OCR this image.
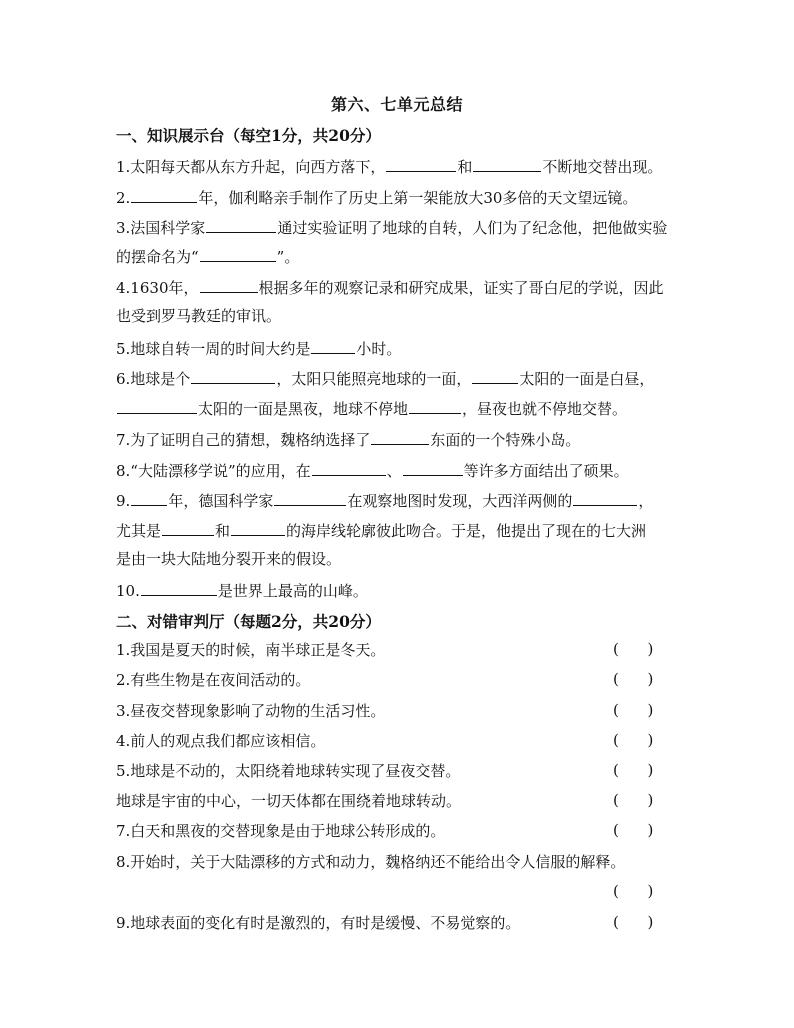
第六、七单元总结
一、知识展示台（每空1分，共20分）
1.太阳每天都从东方升起，向西方落下，	和	不断地交替出现。
2.	年，伽利略亲手制作了历史上第一架能放大30多倍的天文望远镜。
3.法国科学家	通过实验证明了地球的自转，人们为了纪念他，把他做实验
的摆命名为“	”。
4.1630年，	根据多年的观察记录和研究成果，证实了哥白尼的学说，因此
也受到罗马教廷的审讯。
5.地球自转一周的时间大约是	小时。
6.地球是个	，太阳只能照亮地球的一面，	太阳的一面是白昼，
太阳的一面是黑夜，地球不停地	，昼夜也就不停地交替。
7.为了证明自己的猜想，魏格纳选择了	东面的一个特殊小岛。
8.“大陆漂移学说”的应用，在	、	等许多方面结出了硕果。
9.	年，德国科学家	在观察地图时发现，大西洋两侧的	，
尤其是	和	的海岸线轮廓彼此吻合。于是，他提出了现在的七大洲
是由一块大陆地分裂开来的假设。
10.	是世界上最高的山峰。
二、对错审判厅（每题2分，共20分）
1.我国是夏天的时候，南半球正是冬天。	(      )
2.有些生物是在夜间活动的。	(      )
3.昼夜交替现象影响了动物的生活习性。	(      )
4.前人的观点我们都应该相信。	(      )
5.地球是不动的，太阳绕着地球转实现了昼夜交替。	(      )
地球是宇宙的中心，一切天体都在围绕着地球转动。	(      )
7.白天和黑夜的交替现象是由于地球公转形成的。	(      )
8.开始时，关于大陆漂移的方式和动力，魏格纳还不能给出令人信服的解释。
(      )
9.地球表面的变化有时是激烈的，有时是缓慢、不易觉察的。	(      )
